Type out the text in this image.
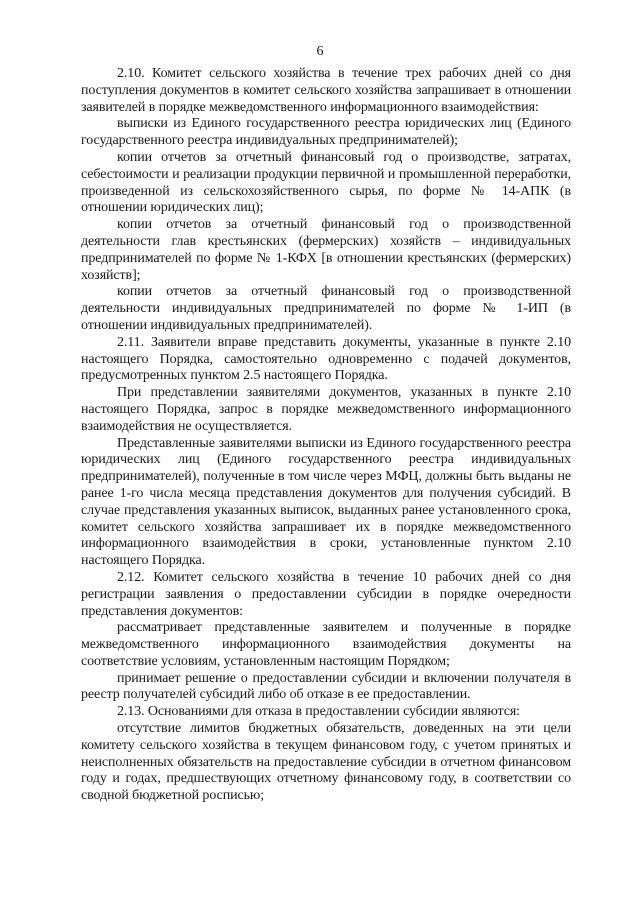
6

2.10. Комитет сельского хозяйства в течение трех рабочих дней со дня поступления документов в комитет сельского хозяйства запрашивает в отношении заявителей в порядке межведомственного информационного взаимодействия:

выписки из Единого государственного реестра юридических лиц (Единого государственного реестра индивидуальных предпринимателей);

копии отчетов за отчетный финансовый год о производстве, затратах, себестоимости и реализации продукции первичной и промышленной переработки, произведенной из сельскохозяйственного сырья, по форме № 14-АПК (в отношении юридических лиц);

копии отчетов за отчетный финансовый год о производственной деятельности глав крестьянских (фермерских) хозяйств – индивидуальных предпринимателей по форме № 1-КФХ [в отношении крестьянских (фермерских) хозяйств];

копии отчетов за отчетный финансовый год о производственной деятельности индивидуальных предпринимателей по форме № 1-ИП (в отношении индивидуальных предпринимателей).

2.11. Заявители вправе представить документы, указанные в пункте 2.10 настоящего Порядка, самостоятельно одновременно с подачей документов, предусмотренных пунктом 2.5 настоящего Порядка.

При представлении заявителями документов, указанных в пункте 2.10 настоящего Порядка, запрос в порядке межведомственного информационного взаимодействия не осуществляется.

Представленные заявителями выписки из Единого государственного реестра юридических лиц (Единого государственного реестра индивидуальных предпринимателей), полученные в том числе через МФЦ, должны быть выданы не ранее 1-го числа месяца представления документов для получения субсидий. В случае представления указанных выписок, выданных ранее установленного срока, комитет сельского хозяйства запрашивает их в порядке межведомственного информационного взаимодействия в сроки, установленные пунктом 2.10 настоящего Порядка.

2.12. Комитет сельского хозяйства в течение 10 рабочих дней со дня регистрации заявления о предоставлении субсидии в порядке очередности представления документов:

рассматривает представленные заявителем и полученные в порядке межведомственного информационного взаимодействия документы на соответствие условиям, установленным настоящим Порядком;

принимает решение о предоставлении субсидии и включении получателя в реестр получателей субсидий либо об отказе в ее предоставлении.

2.13. Основаниями для отказа в предоставлении субсидии являются:

отсутствие лимитов бюджетных обязательств, доведенных на эти цели комитету сельского хозяйства в текущем финансовом году, с учетом принятых и неисполненных обязательств на предоставление субсидии в отчетном финансовом году и годах, предшествующих отчетному финансовому году, в соответствии со сводной бюджетной росписью;
